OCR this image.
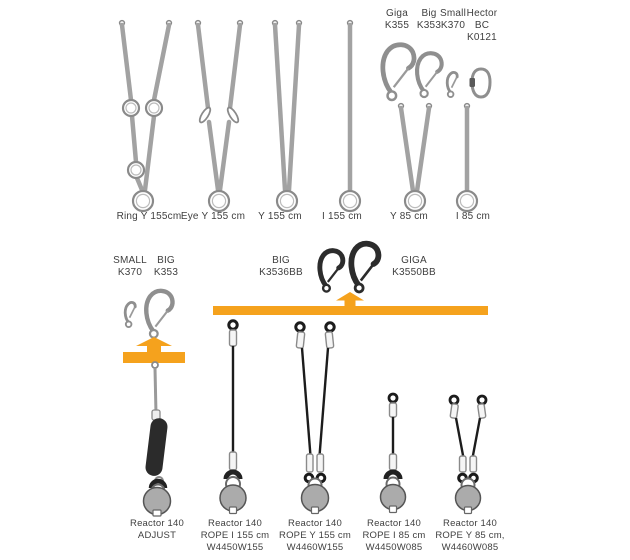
Ring Y 155cm Eye Y 155 cm	Y 155 cm	I 155 cm	Y 85 cm	I 85 cm
Giga
K355
Big
K353
Small
K370
Hector
BC
K0121
SMALL
K370
BIG
K353
BIG
K3536BB
GIGA
K3550BB
Reactor 140
ADJUST
Reactor 140
ROPE I 155 cm
W4450W155
Reactor 140
ROPE Y 155 cm
W4460W155
Reactor 140
ROPE I 85 cm
W4450W085
Reactor 140
ROPE Y 85 cm,
W4460W085
